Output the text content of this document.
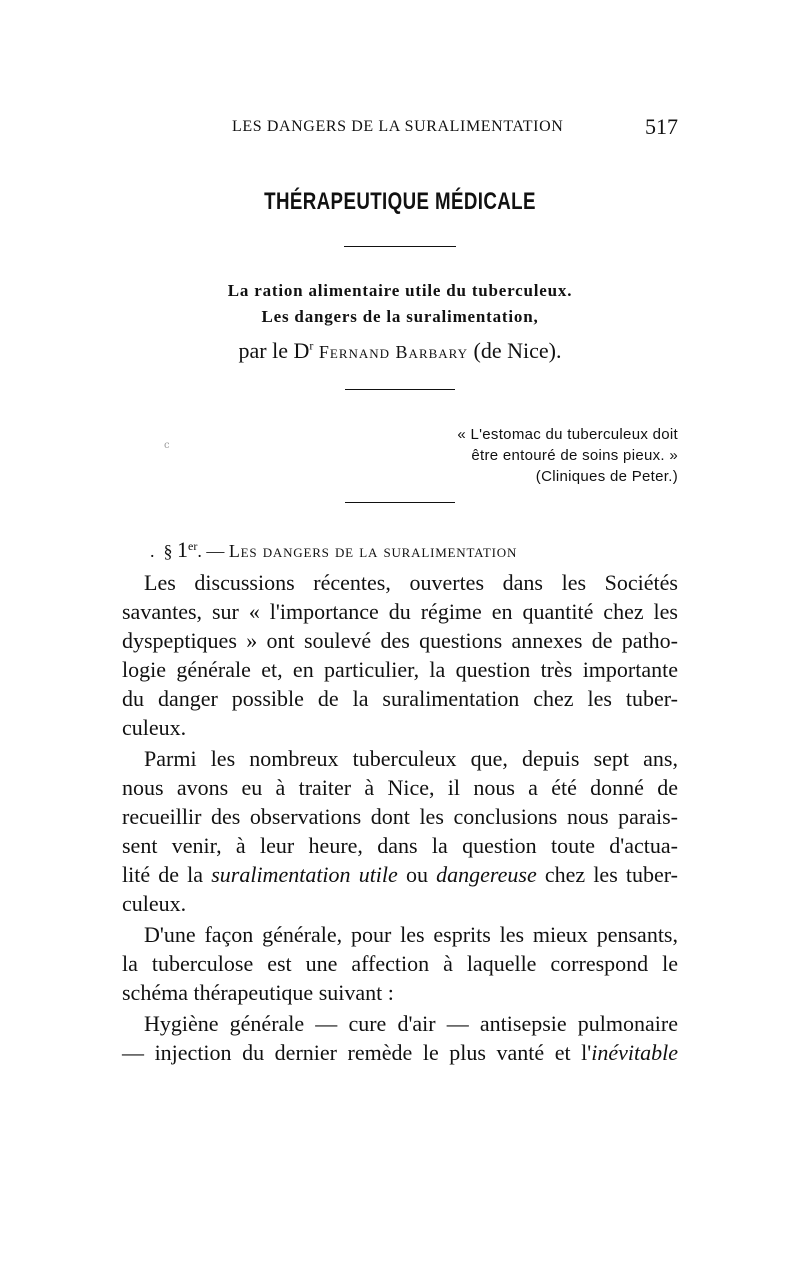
LES DANGERS DE LA SURALIMENTATION	517
THÉRAPEUTIQUE MÉDICALE
La ration alimentaire utile du tuberculeux.
Les dangers de la suralimentation,
par le $D^r$ Fernand Barbary (de Nice).
c
« L'estomac du tuberculeux doit
être entouré de soins pieux. »
(Cliniques de Peter.)
. § 1er. — Les dangers de la suralimentation
Les discussions récentes, ouvertes dans les Sociétés
savantes, sur « l'importance du régime en quantité chez les
dyspeptiques » ont soulevé des questions annexes de patho-
logie générale et, en particulier, la question très importante
du danger possible de la suralimentation chez les tuber-
culeux.
Parmi les nombreux tuberculeux que, depuis sept ans,
nous avons eu à traiter à Nice, il nous a été donné de
recueillir des observations dont les conclusions nous parais-
sent venir, à leur heure, dans la question toute d'actua-
lité de la suralimentation utile ou dangereuse chez les tuber-
culeux.
D'une façon générale, pour les esprits les mieux pensants,
la tuberculose est une affection à laquelle correspond le
schéma thérapeutique suivant :
Hygiène générale — cure d'air — antisepsie pulmonaire
— injection du dernier remède le plus vanté et l'inévitable
